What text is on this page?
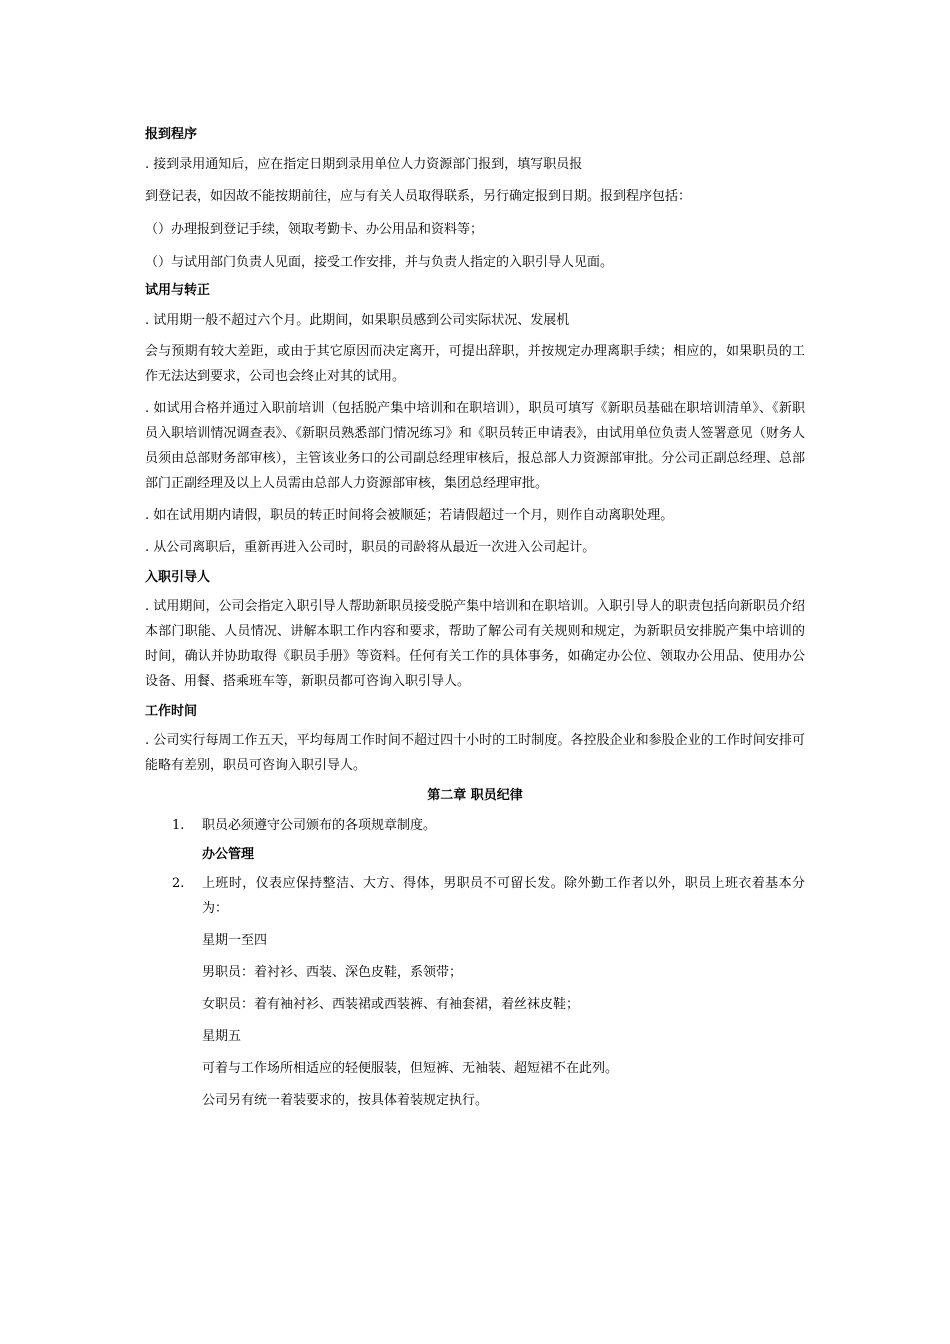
报到程序

. 接到录用通知后，应在指定日期到录用单位人力资源部门报到，填写职员报

到登记表，如因故不能按期前往，应与有关人员取得联系，另行确定报到日期。报到程序包括：

（）办理报到登记手续，领取考勤卡、办公用品和资料等；

（）与试用部门负责人见面，接受工作安排，并与负责人指定的入职引导人见面。

试用与转正

. 试用期一般不超过六个月。此期间，如果职员感到公司实际状况、发展机

会与预期有较大差距，或由于其它原因而决定离开，可提出辞职，并按规定办理离职手续；相应的，如果职员的工作无法达到要求，公司也会终止对其的试用。

. 如试用合格并通过入职前培训（包括脱产集中培训和在职培训），职员可填写《新职员基础在职培训清单》、《新职员入职培训情况调查表》、《新职员熟悉部门情况练习》和《职员转正申请表》，由试用单位负责人签署意见（财务人员须由总部财务部审核），主管该业务口的公司副总经理审核后，报总部人力资源部审批。分公司正副总经理、总部部门正副经理及以上人员需由总部人力资源部审核，集团总经理审批。

. 如在试用期内请假，职员的转正时间将会被顺延；若请假超过一个月，则作自动离职处理。

. 从公司离职后，重新再进入公司时，职员的司龄将从最近一次进入公司起计。

入职引导人

. 试用期间，公司会指定入职引导人帮助新职员接受脱产集中培训和在职培训。入职引导人的职责包括向新职员介绍本部门职能、人员情况、讲解本职工作内容和要求，帮助了解公司有关规则和规定，为新职员安排脱产集中培训的时间，确认并协助取得《职员手册》等资料。任何有关工作的具体事务，如确定办公位、领取办公用品、使用办公设备、用餐、搭乘班车等，新职员都可咨询入职引导人。

工作时间

. 公司实行每周工作五天，平均每周工作时间不超过四十小时的工时制度。各控股企业和参股企业的工作时间安排可能略有差别，职员可咨询入职引导人。

第二章 职员纪律
1.	职员必须遵守公司颁布的各项规章制度。
办公管理
2.	上班时，仪表应保持整洁、大方、得体，男职员不可留长发。除外勤工作者以外，职员上班衣着基本分为：

星期一至四

男职员：着衬衫、西装、深色皮鞋，系领带；

女职员：着有袖衬衫、西装裙或西装裤、有袖套裙，着丝袜皮鞋；

星期五

可着与工作场所相适应的轻便服装，但短裤、无袖装、超短裙不在此列。

公司另有统一着装要求的，按具体着装规定执行。
